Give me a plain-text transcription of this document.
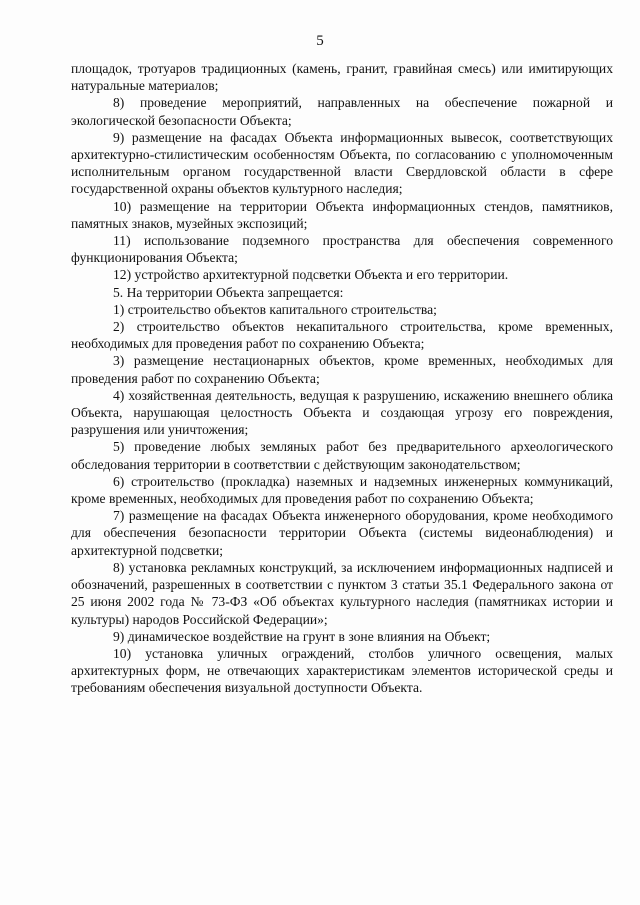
5

площадок, тротуаров традиционных (камень, гранит, гравийная смесь) или имитирующих натуральные материалов;

8) проведение мероприятий, направленных на обеспечение пожарной и экологической безопасности Объекта;

9) размещение на фасадах Объекта информационных вывесок, соответствующих архитектурно-стилистическим особенностям Объекта, по согласованию с уполномоченным исполнительным органом государственной власти Свердловской области в сфере государственной охраны объектов культурного наследия;

10) размещение на территории Объекта информационных стендов, памятников, памятных знаков, музейных экспозиций;

11) использование подземного пространства для обеспечения современного функционирования Объекта;

12) устройство архитектурной подсветки Объекта и его территории.

5. На территории Объекта запрещается:

1) строительство объектов капитального строительства;

2) строительство объектов некапитального строительства, кроме временных, необходимых для проведения работ по сохранению Объекта;

3) размещение нестационарных объектов, кроме временных, необходимых для проведения работ по сохранению Объекта;

4) хозяйственная деятельность, ведущая к разрушению, искажению внешнего облика Объекта, нарушающая целостность Объекта и создающая угрозу его повреждения, разрушения или уничтожения;

5) проведение любых земляных работ без предварительного археологического обследования территории в соответствии с действующим законодательством;

6) строительство (прокладка) наземных и надземных инженерных коммуникаций, кроме временных, необходимых для проведения работ по сохранению Объекта;

7) размещение на фасадах Объекта инженерного оборудования, кроме необходимого для обеспечения безопасности территории Объекта (системы видеонаблюдения) и архитектурной подсветки;

8) установка рекламных конструкций, за исключением информационных надписей и обозначений, разрешенных в соответствии с пунктом 3 статьи 35.1 Федерального закона от 25 июня 2002 года № 73-ФЗ «Об объектах культурного наследия (памятниках истории и культуры) народов Российской Федерации»;

9) динамическое воздействие на грунт в зоне влияния на Объект;

10) установка уличных ограждений, столбов уличного освещения, малых архитектурных форм, не отвечающих характеристикам элементов исторической среды и требованиям обеспечения визуальной доступности Объекта.
